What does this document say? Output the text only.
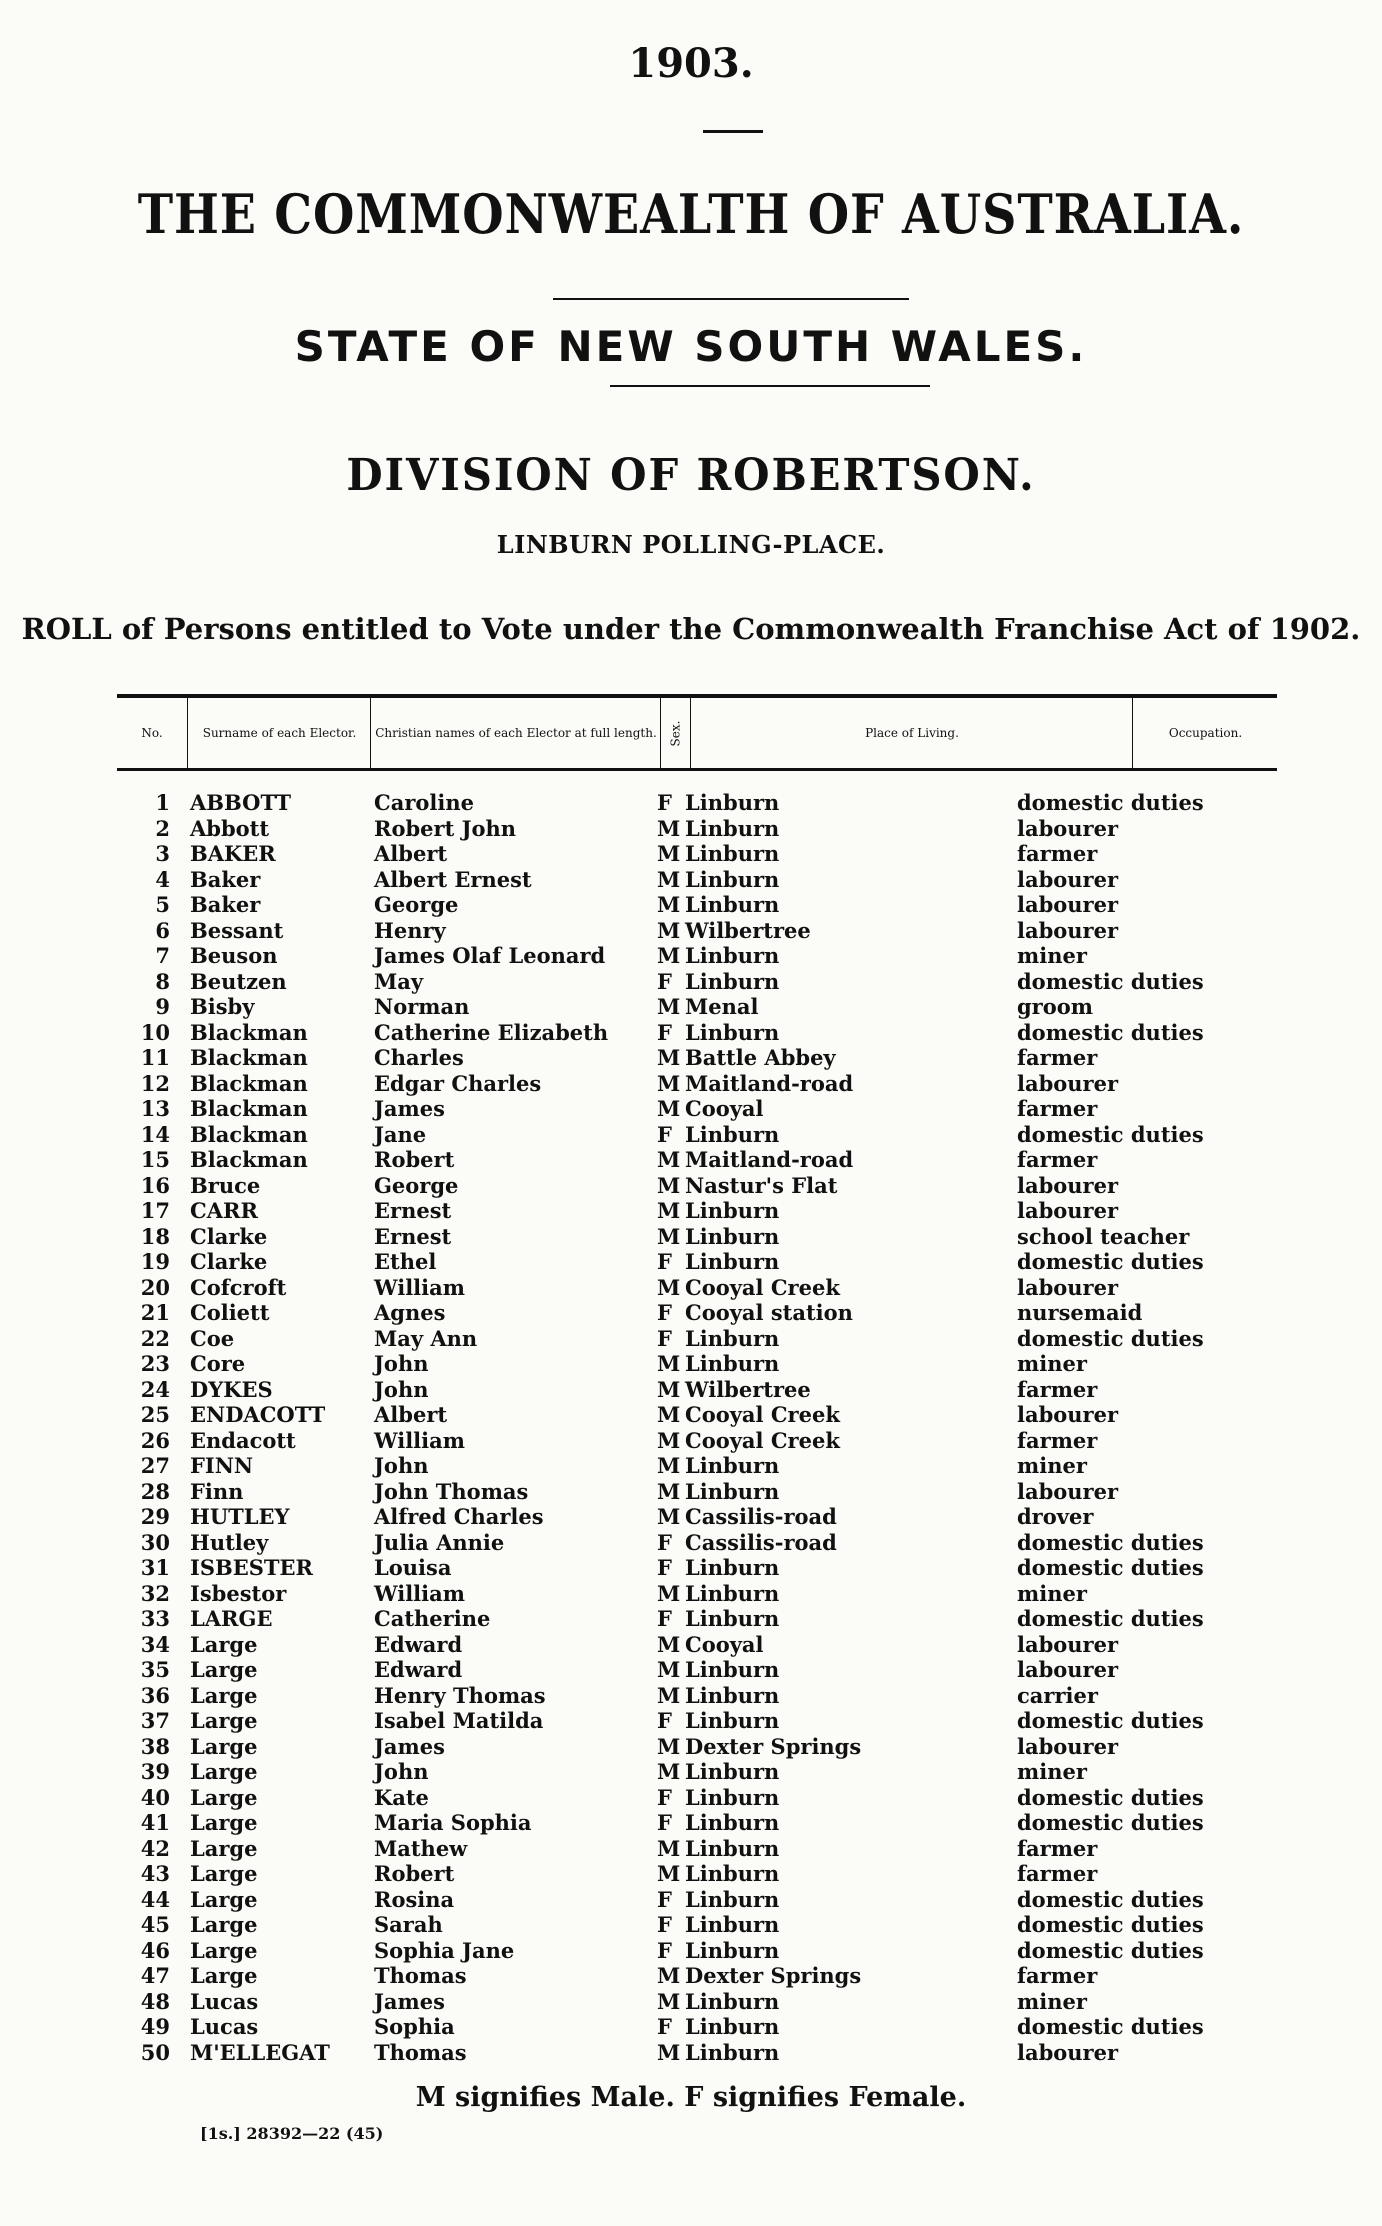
1903.
THE COMMONWEALTH OF AUSTRALIA.
STATE OF NEW SOUTH WALES.
DIVISION OF ROBERTSON.
LINBURN POLLING-PLACE.
ROLL of Persons entitled to Vote under the Commonwealth Franchise Act of 1902.
No.	Surname of each Elector.	Christian names of each Elector at full length. Sex.	Place of Living.	Occupation.
1 ABBOTT	Caroline	F Linburn	domestic duties
2 Abbott	Robert John	M Linburn	labourer
3 BAKER	Albert	M Linburn	farmer
4 Baker	Albert Ernest	M Linburn	labourer
5 Baker	George	M Linburn	labourer
6 Bessant	Henry	M Wilbertree	labourer
7 Beuson	James Olaf Leonard M Linburn	miner
8 Beutzen	May	F Linburn	domestic duties
9 Bisby	Norman	M Menal	groom
10 Blackman	Catherine Elizabeth F Linburn	domestic duties
11 Blackman	Charles	M Battle Abbey	farmer
12 Blackman	Edgar Charles	M Maitland-road	labourer
13 Blackman	James	M Cooyal	farmer
14 Blackman	Jane	F Linburn	domestic duties
15 Blackman	Robert	M Maitland-road	farmer
16 Bruce	George	M Nastur's Flat	labourer
17 CARR	Ernest	M Linburn	labourer
18 Clarke	Ernest	M Linburn	school teacher
19 Clarke	Ethel	F Linburn	domestic duties
20 Cofcroft	William	M Cooyal Creek	labourer
21 Coliett	Agnes	F Cooyal station	nursemaid
22 Coe	May Ann	F Linburn	domestic duties
23 Core	John	M Linburn	miner
24 DYKES	John	M Wilbertree	farmer
25 ENDACOTT Albert	M Cooyal Creek	labourer
26 Endacott	William	M Cooyal Creek	farmer
27 FINN	John	M Linburn	miner
28 Finn	John Thomas	M Linburn	labourer
29 HUTLEY	Alfred Charles	M Cassilis-road	drover
30 Hutley	Julia Annie	F Cassilis-road	domestic duties
31 ISBESTER	Louisa	F Linburn	domestic duties
32 Isbestor	William	M Linburn	miner
33 LARGE	Catherine	F Linburn	domestic duties
34 Large	Edward	M Cooyal	labourer
35 Large	Edward	M Linburn	labourer
36 Large	Henry Thomas	M Linburn	carrier
37 Large	Isabel Matilda	F Linburn	domestic duties
38 Large	James	M Dexter Springs	labourer
39 Large	John	M Linburn	miner
40 Large	Kate	F Linburn	domestic duties
41 Large	Maria Sophia	F Linburn	domestic duties
42 Large	Mathew	M Linburn	farmer
43 Large	Robert	M Linburn	farmer
44 Large	Rosina	F Linburn	domestic duties
45 Large	Sarah	F Linburn	domestic duties
46 Large	Sophia Jane	F Linburn	domestic duties
47 Large	Thomas	M Dexter Springs	farmer
48 Lucas	James	M Linburn	miner
49 Lucas	Sophia	F Linburn	domestic duties
50 M'ELLEGAT Thomas	M Linburn	labourer
M signifies Male. F signifies Female.
[1s.] 28392—22 (45)
